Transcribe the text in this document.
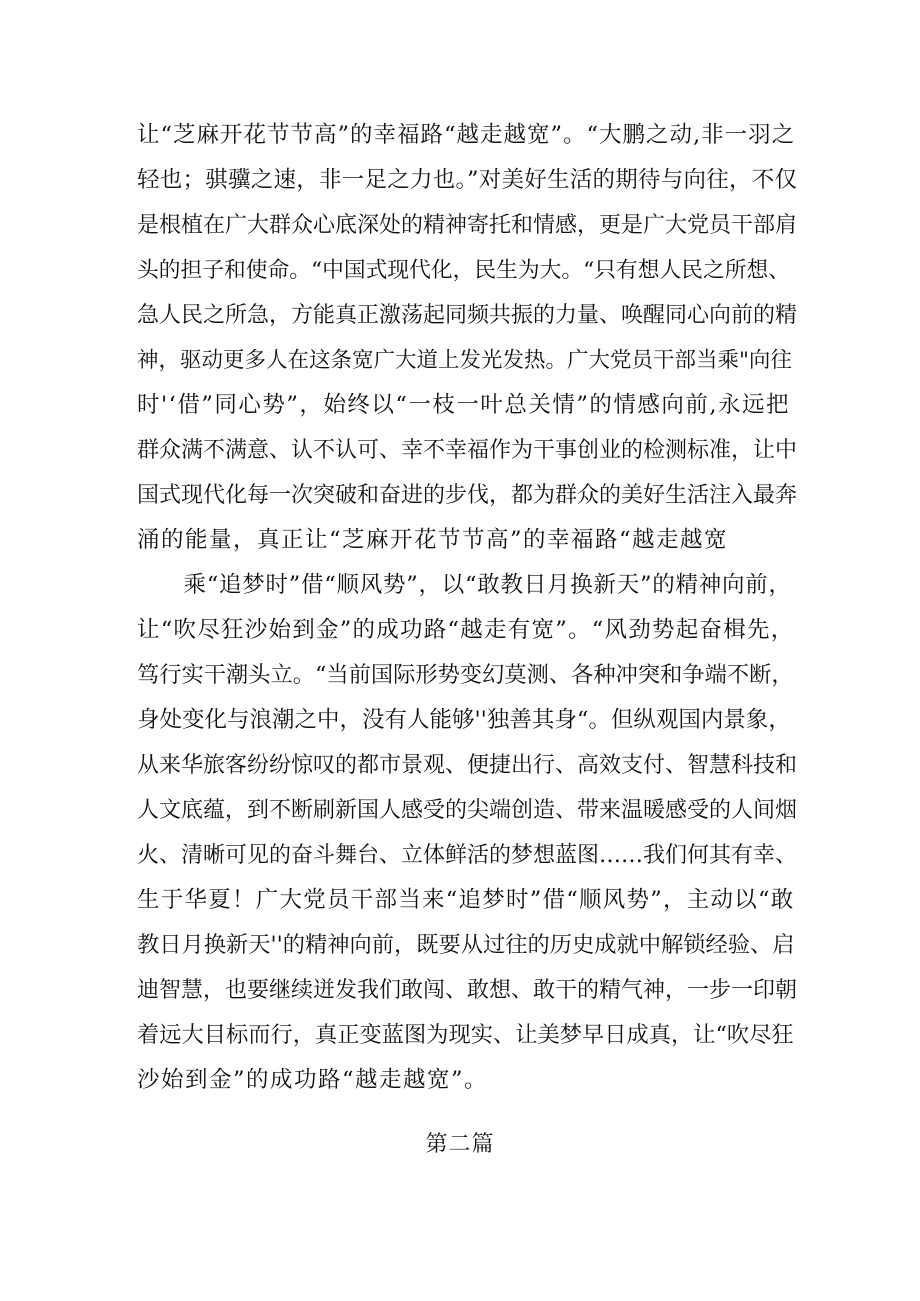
让“芝麻开花节节高”的幸福路“越走越宽”。“大鹏之动,非一羽之
轻也；骐骥之速，非一足之力也。”对美好生活的期待与向往，不仅
是根植在广大群众心底深处的精神寄托和情感，更是广大党员干部肩
头的担子和使命。“中国式现代化，民生为大。“只有想人民之所想、
急人民之所急，方能真正激荡起同频共振的力量、唤醒同心向前的精
神，驱动更多人在这条宽广大道上发光发热。广大党员干部当乘"向往
时'‘借”同心势”，始终以“一枝一叶总关情”的情感向前,永远把
群众满不满意、认不认可、幸不幸福作为干事创业的检测标准，让中
国式现代化每一次突破和奋进的步伐，都为群众的美好生活注入最奔
涌的能量，真正让“芝麻开花节节高”的幸福路“越走越宽
　　乘“追梦时”借“顺风势”，以“敢教日月换新天”的精神向前，
让“吹尽狂沙始到金”的成功路“越走有宽”。“风劲势起奋楫先，
笃行实干潮头立。“当前国际形势变幻莫测、各种冲突和争端不断，
身处变化与浪潮之中，没有人能够''独善其身“。但纵观国内景象，
从来华旅客纷纷惊叹的都市景观、便捷出行、高效支付、智慧科技和
人文底蕴，到不断刷新国人感受的尖端创造、带来温暖感受的人间烟
火、清晰可见的奋斗舞台、立体鲜活的梦想蓝图……我们何其有幸、
生于华夏！广大党员干部当来“追梦时”借“顺风势”，主动以“敢
教日月换新天''的精神向前，既要从过往的历史成就中解锁经验、启
迪智慧，也要继续迸发我们敢闯、敢想、敢干的精气神，一步一印朝
着远大目标而行，真正变蓝图为现实、让美梦早日成真，让“吹尽狂
沙始到金”的成功路“越走越宽”。
第二篇
